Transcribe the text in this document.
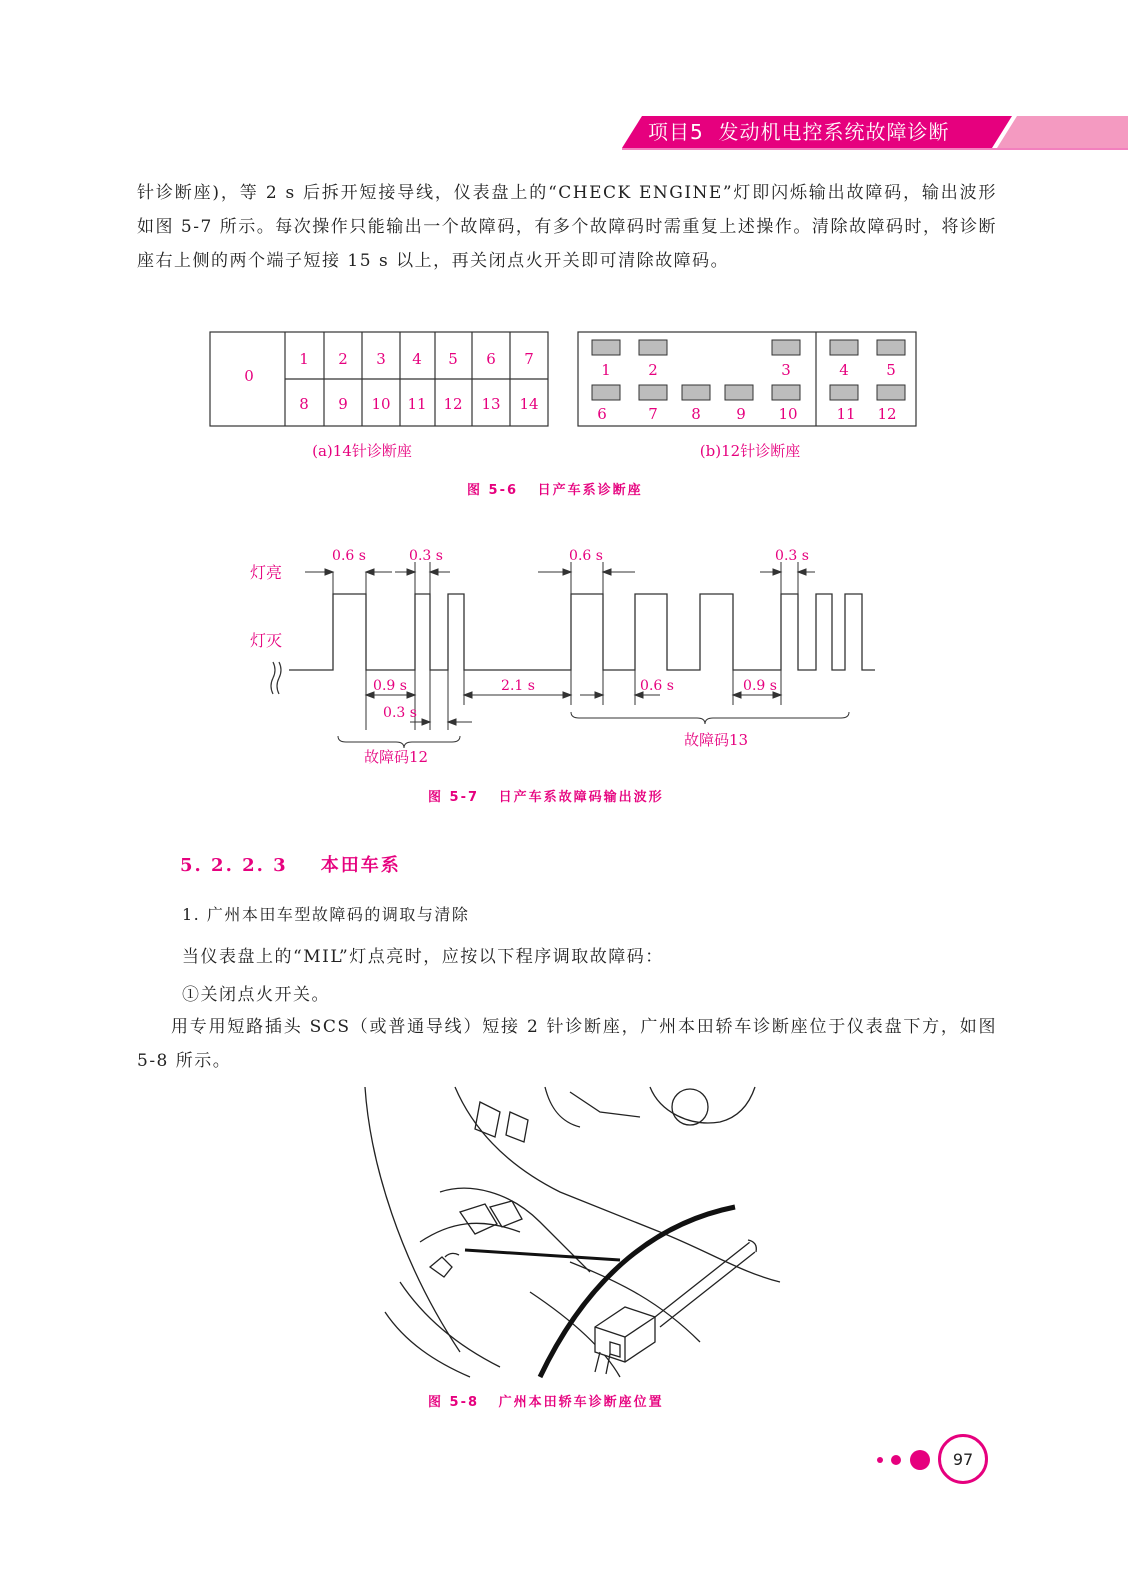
项目5  发动机电控系统故障诊断

针诊断座)，等 2 s 后拆开短接导线，仪表盘上的“CHECK ENGINE”灯即闪烁输出故障码，输出波形如图 5-7 所示。每次操作只能输出一个故障码，有多个故障码时需重复上述操作。清除故障码时，将诊断座右上侧的两个端子短接 15 s 以上，再关闭点火开关即可清除故障码。

0
1 2 3 4 5 6 7
8 9 10 11 12 13 14
(a)14针诊断座
1 2	3	4 5
6	7 8 9 10	11 12
(b)12针诊断座
图 5-6   日产车系诊断座
灯亮
灯灭
0.6 s	0.3 s	0.6 s	0.3 s
0.9 s
0.3 s
2.1 s	0.6 s	0.9 s
故障码12
故障码13
图 5-7   日产车系故障码输出波形
5. 2. 2. 3    本田车系
1. 广州本田车型故障码的调取与清除
当仪表盘上的“MIL”灯点亮时，应按以下程序调取故障码：
①关闭点火开关。

用专用短路插头 SCS（或普通导线）短接 2 针诊断座，广州本田轿车诊断座位于仪表盘下方，如图 5-8 所示。

图 5-8   广州本田轿车诊断座位置
97
